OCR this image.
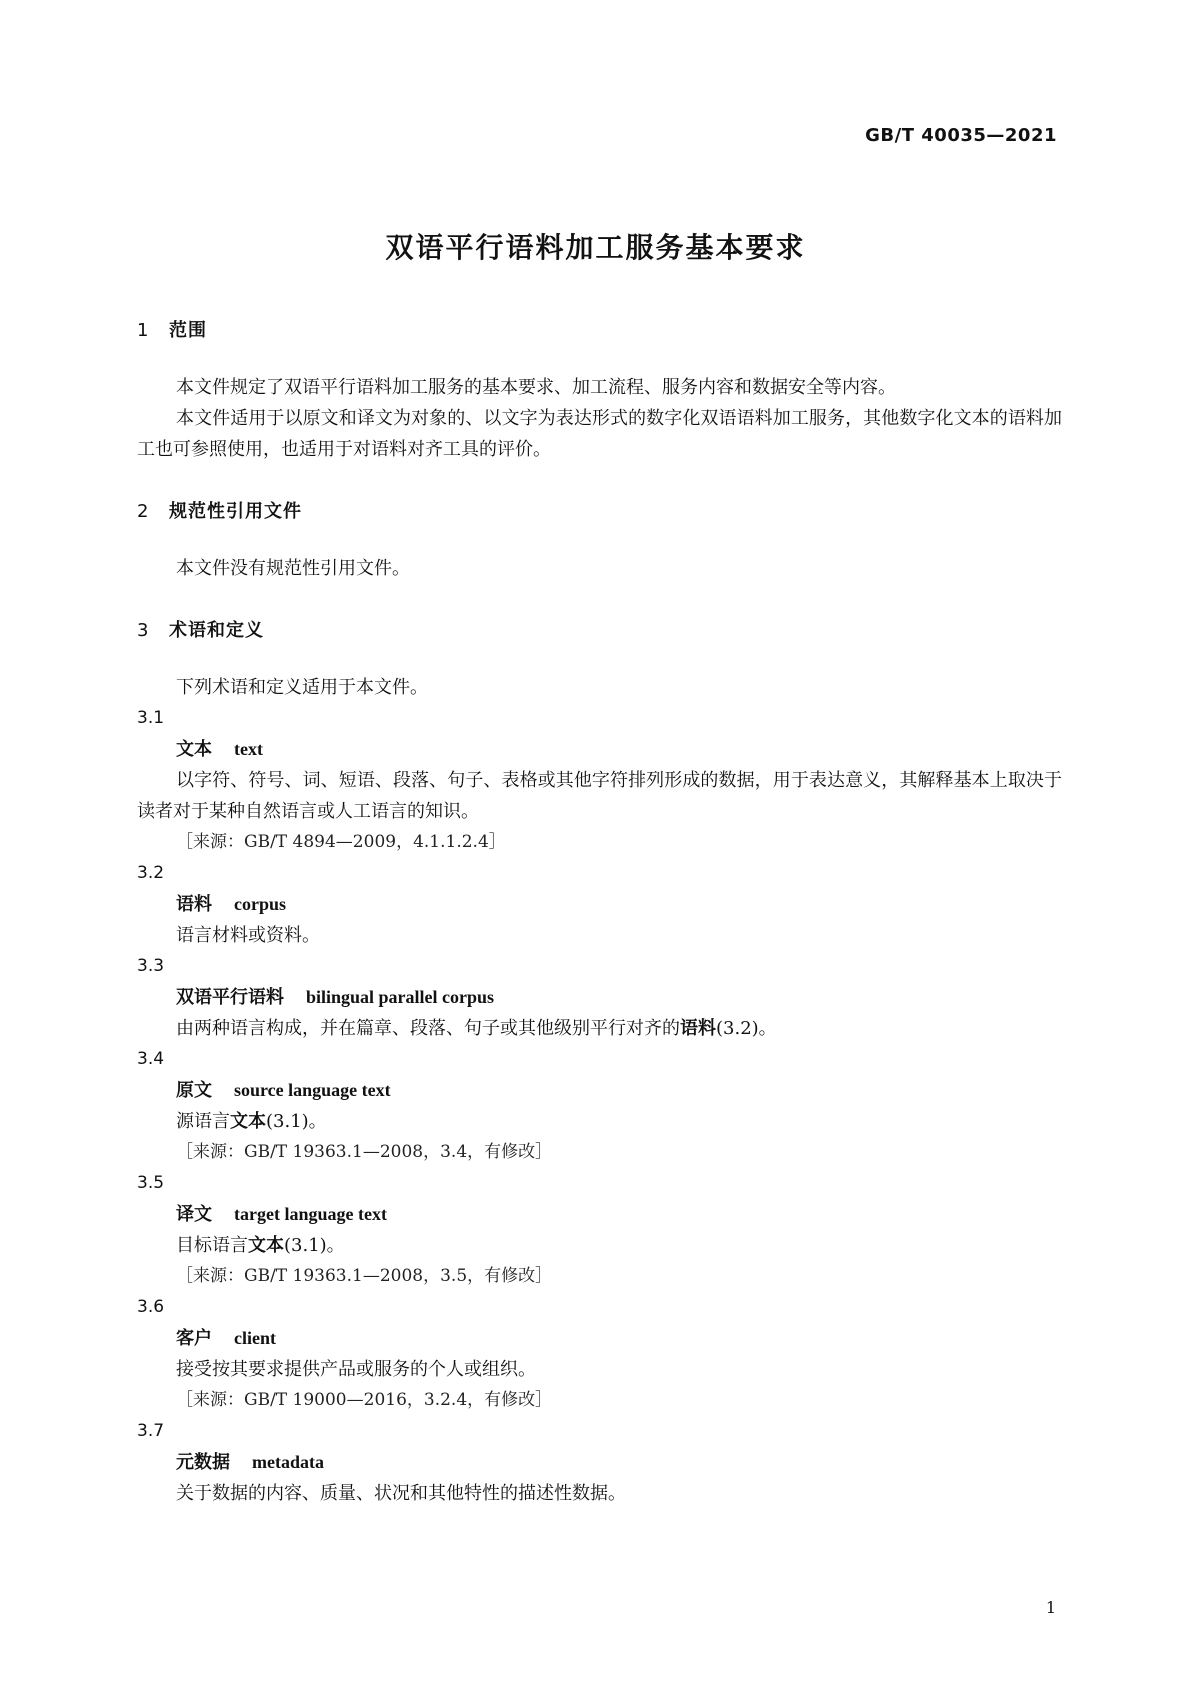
GB/T 40035—2021

双语平行语料加工服务基本要求
1 范围

本文件规定了双语平行语料加工服务的基本要求、加工流程、服务内容和数据安全等内容。

本文件适用于以原文和译文为对象的、以文字为表达形式的数字化双语语料加工服务，其他数字化文本的语料加工也可参照使用，也适用于对语料对齐工具的评价。

2 规范性引用文件

本文件没有规范性引用文件。

3 术语和定义

下列术语和定义适用于本文件。

3.1

文本 text

以字符、符号、词、短语、段落、句子、表格或其他字符排列形成的数据，用于表达意义，其解释基本上取决于读者对于某种自然语言或人工语言的知识。

［来源：GB/T 4894—2009，4.1.1.2.4］

3.2

语料 corpus

语言材料或资料。

3.3

双语平行语料 bilingual parallel corpus

由两种语言构成，并在篇章、段落、句子或其他级别平行对齐的语料(3.2)。

3.4

原文 source language text

源语言文本(3.1)。

［来源：GB/T 19363.1—2008，3.4，有修改］

3.5

译文 target language text

目标语言文本(3.1)。

［来源：GB/T 19363.1—2008，3.5，有修改］

3.6

客户 client

接受按其要求提供产品或服务的个人或组织。

［来源：GB/T 19000—2016，3.2.4，有修改］

3.7

元数据 metadata

关于数据的内容、质量、状况和其他特性的描述性数据。

1
